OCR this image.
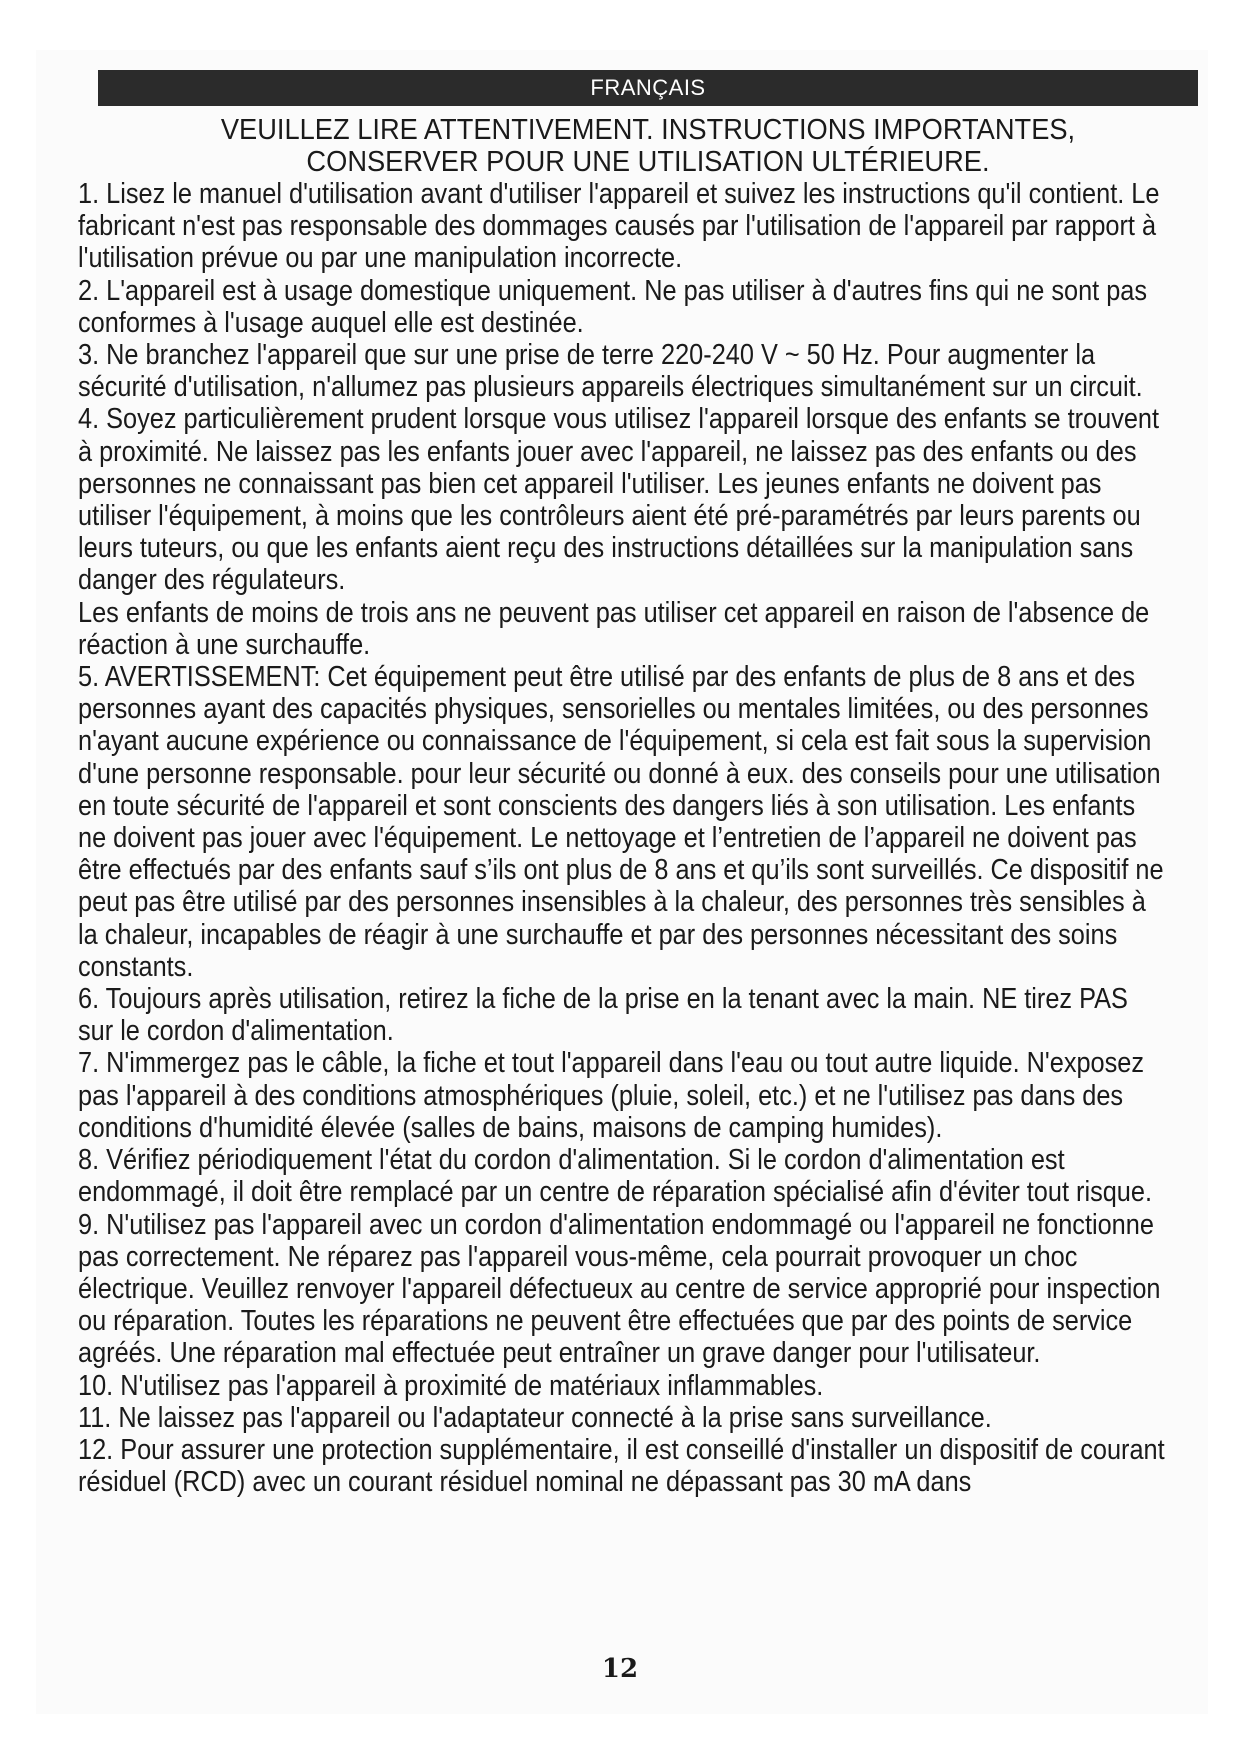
FRANÇAIS
VEUILLEZ LIRE ATTENTIVEMENT. INSTRUCTIONS IMPORTANTES, CONSERVER POUR UNE UTILISATION ULTÉRIEURE.

1. Lisez le manuel d'utilisation avant d'utiliser l'appareil et suivez les instructions qu'il contient. Le fabricant n'est pas responsable des dommages causés par l'utilisation de l'appareil par rapport à l'utilisation prévue ou par une manipulation incorrecte.

2. L'appareil est à usage domestique uniquement. Ne pas utiliser à d'autres fins qui ne sont pas conformes à l'usage auquel elle est destinée.

3. Ne branchez l'appareil que sur une prise de terre 220-240 V ~ 50 Hz. Pour augmenter la sécurité d'utilisation, n'allumez pas plusieurs appareils électriques simultanément sur un circuit.

4. Soyez particulièrement prudent lorsque vous utilisez l'appareil lorsque des enfants se trouvent à proximité. Ne laissez pas les enfants jouer avec l'appareil, ne laissez pas des enfants ou des personnes ne connaissant pas bien cet appareil l'utiliser. Les jeunes enfants ne doivent pas utiliser l'équipement, à moins que les contrôleurs aient été pré-paramétrés par leurs parents ou leurs tuteurs, ou que les enfants aient reçu des instructions détaillées sur la manipulation sans danger des régulateurs.

Les enfants de moins de trois ans ne peuvent pas utiliser cet appareil en raison de l'absence de réaction à une surchauffe.

5. AVERTISSEMENT: Cet équipement peut être utilisé par des enfants de plus de 8 ans et des personnes ayant des capacités physiques, sensorielles ou mentales limitées, ou des personnes n'ayant aucune expérience ou connaissance de l'équipement, si cela est fait sous la supervision d'une personne responsable. pour leur sécurité ou donné à eux. des conseils pour une utilisation en toute sécurité de l'appareil et sont conscients des dangers liés à son utilisation. Les enfants ne doivent pas jouer avec l'équipement. Le nettoyage et l’entretien de l’appareil ne doivent pas être effectués par des enfants sauf s’ils ont plus de 8 ans et qu’ils sont surveillés. Ce dispositif ne peut pas être utilisé par des personnes insensibles à la chaleur, des personnes très sensibles à la chaleur, incapables de réagir à une surchauffe et par des personnes nécessitant des soins constants.

6. Toujours après utilisation, retirez la fiche de la prise en la tenant avec la main. NE tirez PAS sur le cordon d'alimentation.

7. N'immergez pas le câble, la fiche et tout l'appareil dans l'eau ou tout autre liquide. N'exposez pas l'appareil à des conditions atmosphériques (pluie, soleil, etc.) et ne l'utilisez pas dans des conditions d'humidité élevée (salles de bains, maisons de camping humides).

8. Vérifiez périodiquement l'état du cordon d'alimentation. Si le cordon d'alimentation est endommagé, il doit être remplacé par un centre de réparation spécialisé afin d'éviter tout risque.

9. N'utilisez pas l'appareil avec un cordon d'alimentation endommagé ou l'appareil ne fonctionne pas correctement. Ne réparez pas l'appareil vous-même, cela pourrait provoquer un choc électrique. Veuillez renvoyer l'appareil défectueux au centre de service approprié pour inspection ou réparation. Toutes les réparations ne peuvent être effectuées que par des points de service agréés. Une réparation mal effectuée peut entraîner un grave danger pour l'utilisateur.

10. N'utilisez pas l'appareil à proximité de matériaux inflammables.

11. Ne laissez pas l'appareil ou l'adaptateur connecté à la prise sans surveillance.

12. Pour assurer une protection supplémentaire, il est conseillé d'installer un dispositif de courant résiduel (RCD) avec un courant résiduel nominal ne dépassant pas 30 mA dans

12
